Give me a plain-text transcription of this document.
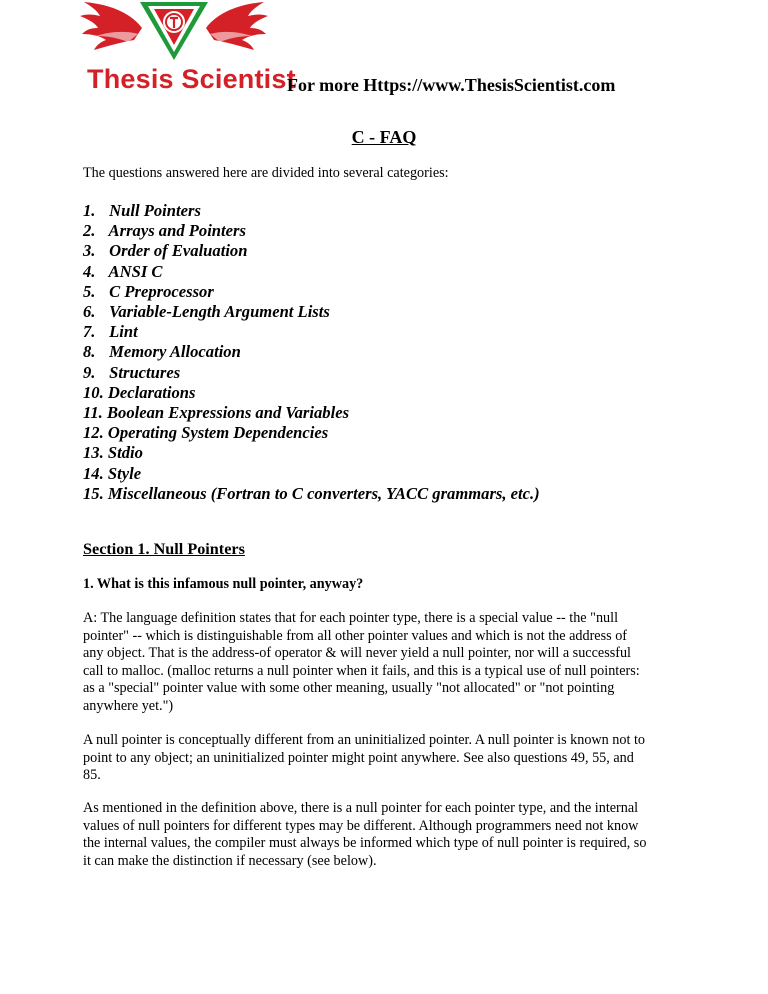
Thesis Scientist
For more Https://www.ThesisScientist.com
C - FAQ
The questions answered here are divided into several categories:
1. Null Pointers
2. Arrays and Pointers
3. Order of Evaluation
4. ANSI C
5. C Preprocessor
6. Variable-Length Argument Lists
7. Lint
8. Memory Allocation
9. Structures
10. Declarations
11. Boolean Expressions and Variables
12. Operating System Dependencies
13. Stdio
14. Style
15. Miscellaneous (Fortran to C converters, YACC grammars, etc.)
Section 1. Null Pointers
1. What is this infamous null pointer, anyway?

A: The language definition states that for each pointer type, there is a special value -- the "null
pointer" -- which is distinguishable from all other pointer values and which is not the address of
any object. That is the address-of operator & will never yield a null pointer, nor will a successful
call to malloc. (malloc returns a null pointer when it fails, and this is a typical use of null pointers:
as a "special" pointer value with some other meaning, usually "not allocated" or "not pointing
anywhere yet.")

A null pointer is conceptually different from an uninitialized pointer. A null pointer is known not to
point to any object; an uninitialized pointer might point anywhere. See also questions 49, 55, and
85.

As mentioned in the definition above, there is a null pointer for each pointer type, and the internal
values of null pointers for different types may be different. Although programmers need not know
the internal values, the compiler must always be informed which type of null pointer is required, so
it can make the distinction if necessary (see below).
